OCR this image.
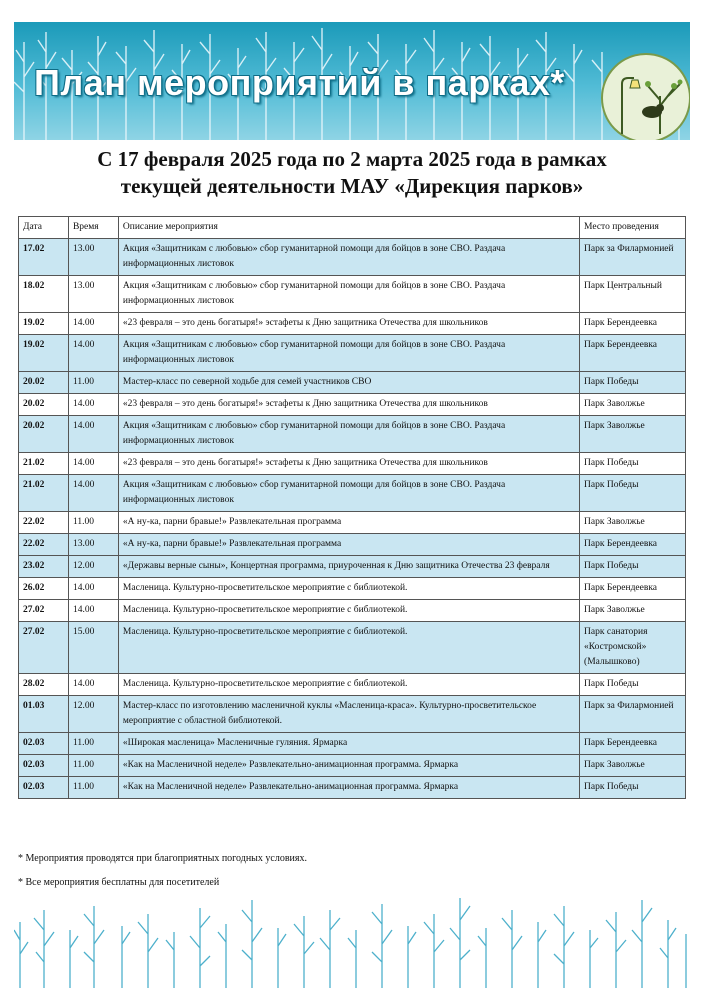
План мероприятий в парках*
С 17 февраля 2025 года по 2 марта 2025 года в рамках
текущей деятельности МАУ «Дирекция парков»
Дата	Время	Описание мероприятия	Место проведения
17.02	13.00	Акция «Защитникам с любовью» сбор гуманитарной помощи для бойцов в зоне СВО. Раздача информационных листовок	Парк за Филармонией
18.02	13.00	Акция «Защитникам с любовью» сбор гуманитарной помощи для бойцов в зоне СВО. Раздача информационных листовок	Парк Центральный
19.02	14.00	«23 февраля – это день богатыря!» эстафеты к Дню защитника Отечества для школьников	Парк Берендеевка
19.02	14.00	Акция «Защитникам с любовью» сбор гуманитарной помощи для бойцов в зоне СВО. Раздача информационных листовок	Парк Берендеевка
20.02	11.00	Мастер-класс по северной ходьбе для семей участников СВО	Парк Победы
20.02	14.00	«23 февраля – это день богатыря!» эстафеты к Дню защитника Отечества для школьников	Парк Заволжье
20.02	14.00	Акция «Защитникам с любовью» сбор гуманитарной помощи для бойцов в зоне СВО. Раздача информационных листовок	Парк Заволжье
21.02	14.00	«23 февраля – это день богатыря!» эстафеты к Дню защитника Отечества для школьников	Парк Победы
21.02	14.00	Акция «Защитникам с любовью» сбор гуманитарной помощи для бойцов в зоне СВО. Раздача информационных листовок	Парк Победы
22.02	11.00	«А ну-ка, парни бравые!» Развлекательная программа	Парк Заволжье
22.02	13.00	«А ну-ка, парни бравые!» Развлекательная программа	Парк Берендеевка
23.02	12.00	«Державы верные сыны», Концертная программа, приуроченная к Дню защитника Отечества 23 февраля	Парк Победы
26.02	14.00	Масленица. Культурно-просветительское мероприятие с библиотекой.	Парк Берендеевка
27.02	14.00	Масленица. Культурно-просветительское мероприятие с библиотекой.	Парк Заволжье
27.02	15.00	Масленица. Культурно-просветительское мероприятие с библиотекой.	Парк санатория «Костромской» (Малышково)
28.02	14.00	Масленица. Культурно-просветительское мероприятие с библиотекой.	Парк Победы
01.03	12.00	Мастер-класс по изготовлению масленичной куклы «Масленица-краса». Культурно-просветительское мероприятие с областной библиотекой.	Парк за Филармонией
02.03	11.00	«Широкая масленица» Масленичные гуляния. Ярмарка	Парк Берендеевка
02.03	11.00	«Как на Масленичной неделе» Развлекательно-анимационная программа. Ярмарка	Парк Заволжье
02.03	11.00	«Как на Масленичной неделе» Развлекательно-анимационная программа. Ярмарка	Парк Победы

* Мероприятия проводятся при благоприятных погодных условиях.

* Все мероприятия бесплатны для посетителей
